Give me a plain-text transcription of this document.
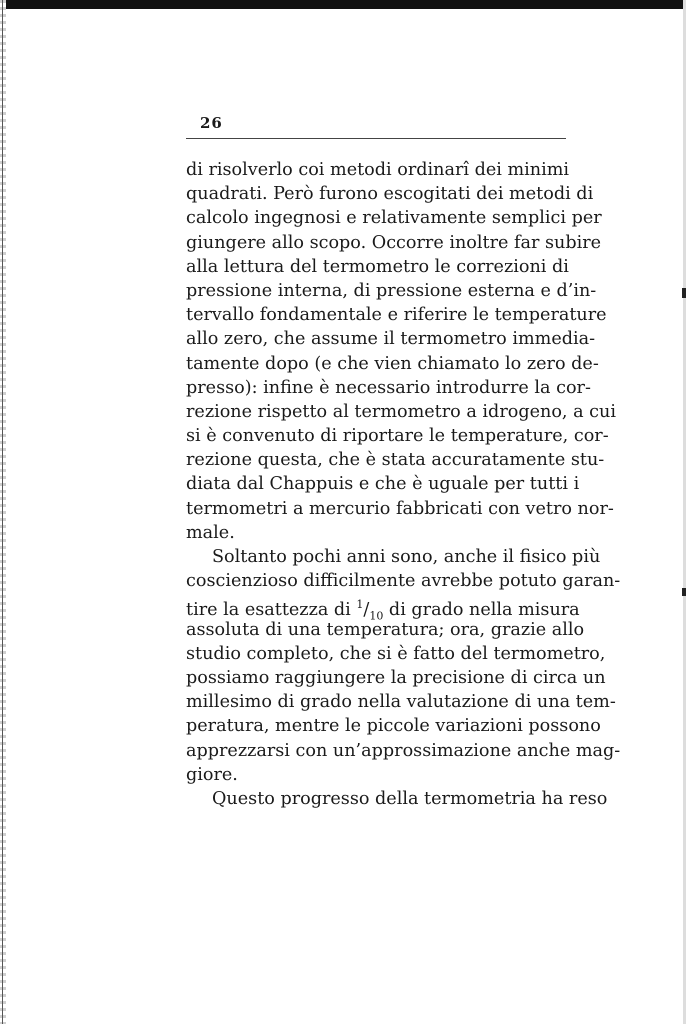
26
di risolverlo coi metodi ordinarî dei minimi
quadrati. Però furono escogitati dei metodi di
calcolo ingegnosi e relativamente semplici per
giungere allo scopo. Occorre inoltre far subire
alla lettura del termometro le correzioni di
pressione interna, di pressione esterna e d’in-
tervallo fondamentale e riferire le temperature
allo zero, che assume il termometro immedia-
tamente dopo (e che vien chiamato lo zero de-
presso): infine è necessario introdurre la cor-
rezione rispetto al termometro a idrogeno, a cui
si è convenuto di riportare le temperature, cor-
rezione questa, che è stata accuratamente stu-
diata dal Chappuis e che è uguale per tutti i
termometri a mercurio fabbricati con vetro nor-
male.
Soltanto pochi anni sono, anche il fisico più
coscienzioso difficilmente avrebbe potuto garan-
tire la esattezza di $^1/_{10}$ di grado nella misura
assoluta di una temperatura; ora, grazie allo
studio completo, che si è fatto del termometro,
possiamo raggiungere la precisione di circa un
millesimo di grado nella valutazione di una tem-
peratura, mentre le piccole variazioni possono
apprezzarsi con un’approssimazione anche mag-
giore.
Questo progresso della termometria ha reso
